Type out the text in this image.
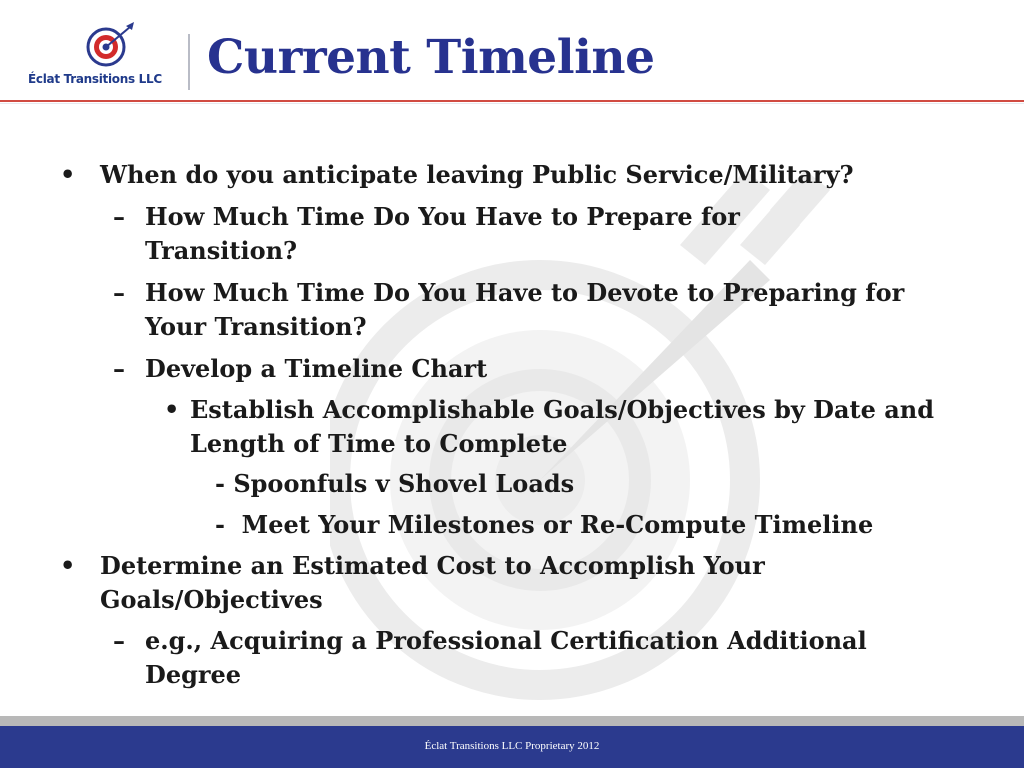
Éclat Transitions LLC Current Timeline
• When do you anticipate leaving Public Service/Military?
– How Much Time Do You Have to Prepare for Transition?
– How Much Time Do You Have to Devote to Preparing for Your Transition?
– Develop a Timeline Chart
• Establish Accomplishable Goals/Objectives by Date and Length of Time to Complete
- Spoonfuls v Shovel Loads
-  Meet Your Milestones or Re-Compute Timeline
• Determine an Estimated Cost to Accomplish Your Goals/Objectives
– e.g., Acquiring a Professional Certification Additional Degree
Éclat Transitions LLC Proprietary 2012
